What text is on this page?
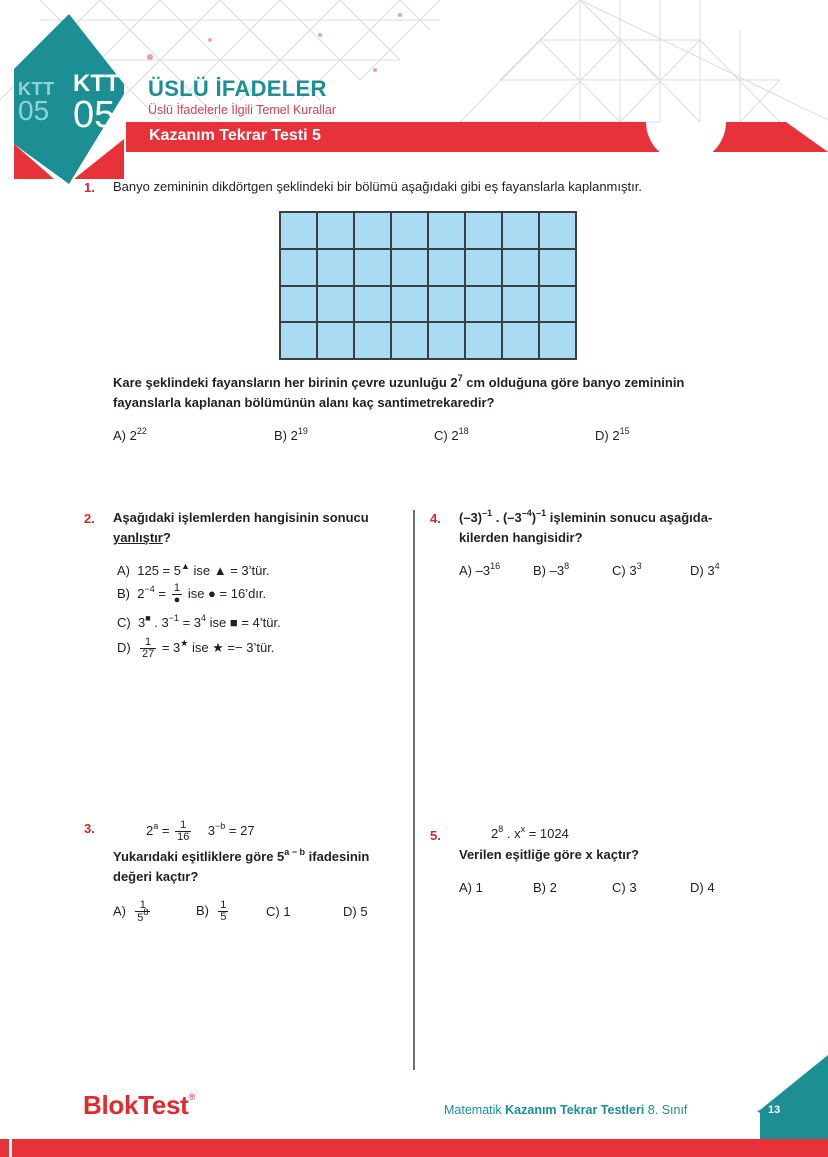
KTT
05
KTT
05
ÜSLÜ İFADELER
Üslü İfadelerle İlgili Temel Kurallar
Kazanım Tekrar Testi 5
1. Banyo zemininin dikdörtgen şeklindeki bir bölümü aşağıdaki gibi eş fayanslarla kaplanmıştır.
Kare şeklindeki fayansların her birinin çevre uzunluğu $2^7$ cm olduğuna göre banyo zemininin
fayanslarla kaplanan bölümünün alanı kaç santimetrekaredir?
A) $2^{22}$	B) $2^{19}$	C) $2^{18}$	D) $2^{15}$
2. Aşağıdaki işlemlerden hangisinin sonucu
yanlıştır?
A) 125 = 5▲ ise ▲ = 3’tür.
B) $2^{-4} = \frac{1}{●}$ ise ● = 16’dır.
C) 3■ . $3^{-1} = 3^4$ ise ■ = 4’tür.
$D) \frac{1}{27} = 3^★$ ise ★ =− 3’tür.
4. $(-3)^{-1}$ . $(-3^{-4})^{-1}$ işleminin sonucu aşağıda-
kilerden hangisidir?
A) $-3^{16}$	B) $-3^8$	C) $3^3$	D) $3^4$
3.	$2^a = \frac{1}{16} 3^{-b} = 27$
Yukarıdaki eşitliklere göre $5^{a - b}$ ifadesinin
değeri kaçtır?
$A) \frac{1}{5^8}$	$B) \frac{1}{5}$	C) 1	D) 5
5.	$2^8$ . $x^x = 1024$
Verilen eşitliğe göre x kaçtır?
A) 1	B) 2	C) 3	D) 4
BlokTest®
Matematik Kazanım Tekrar Testleri 8. Sınıf	13
